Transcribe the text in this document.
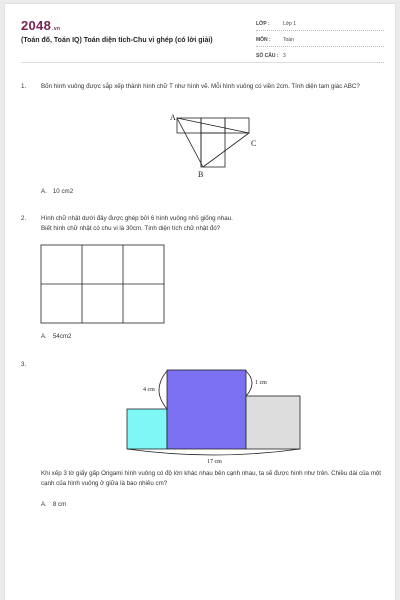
2048.vn
(Toán đố, Toán IQ) Toán diện tích-Chu vi ghép (có lời giải)
LỚP :	Lớp 1
MÔN :	Toán
SỐ CÂU : 3
1.	Bốn hình vuông được sắp xếp thành hình chữ T như hình vẽ. Mỗi hình vuông có viền 2cm. Tính diện tam giác ABC?
A
C
B
A. 10 cm2
2.	Hình chữ nhật dưới đây được ghép bởi 6 hình vuông nhỏ giống nhau.
Biết hình chữ nhật có chu vi là 30cm. Tính diện tích chữ nhật đó?
A. 54cm2
3.
4 cm
1 cm
17 cm
Khi xếp 3 tờ giấy gấp Origami hình vuông có độ lớn khác nhau bên cạnh nhau, ta sẽ được hình như trên. Chiều dài của một cạnh của hình vuông ở giữa là bao nhiêu cm?
A. 8 cm
